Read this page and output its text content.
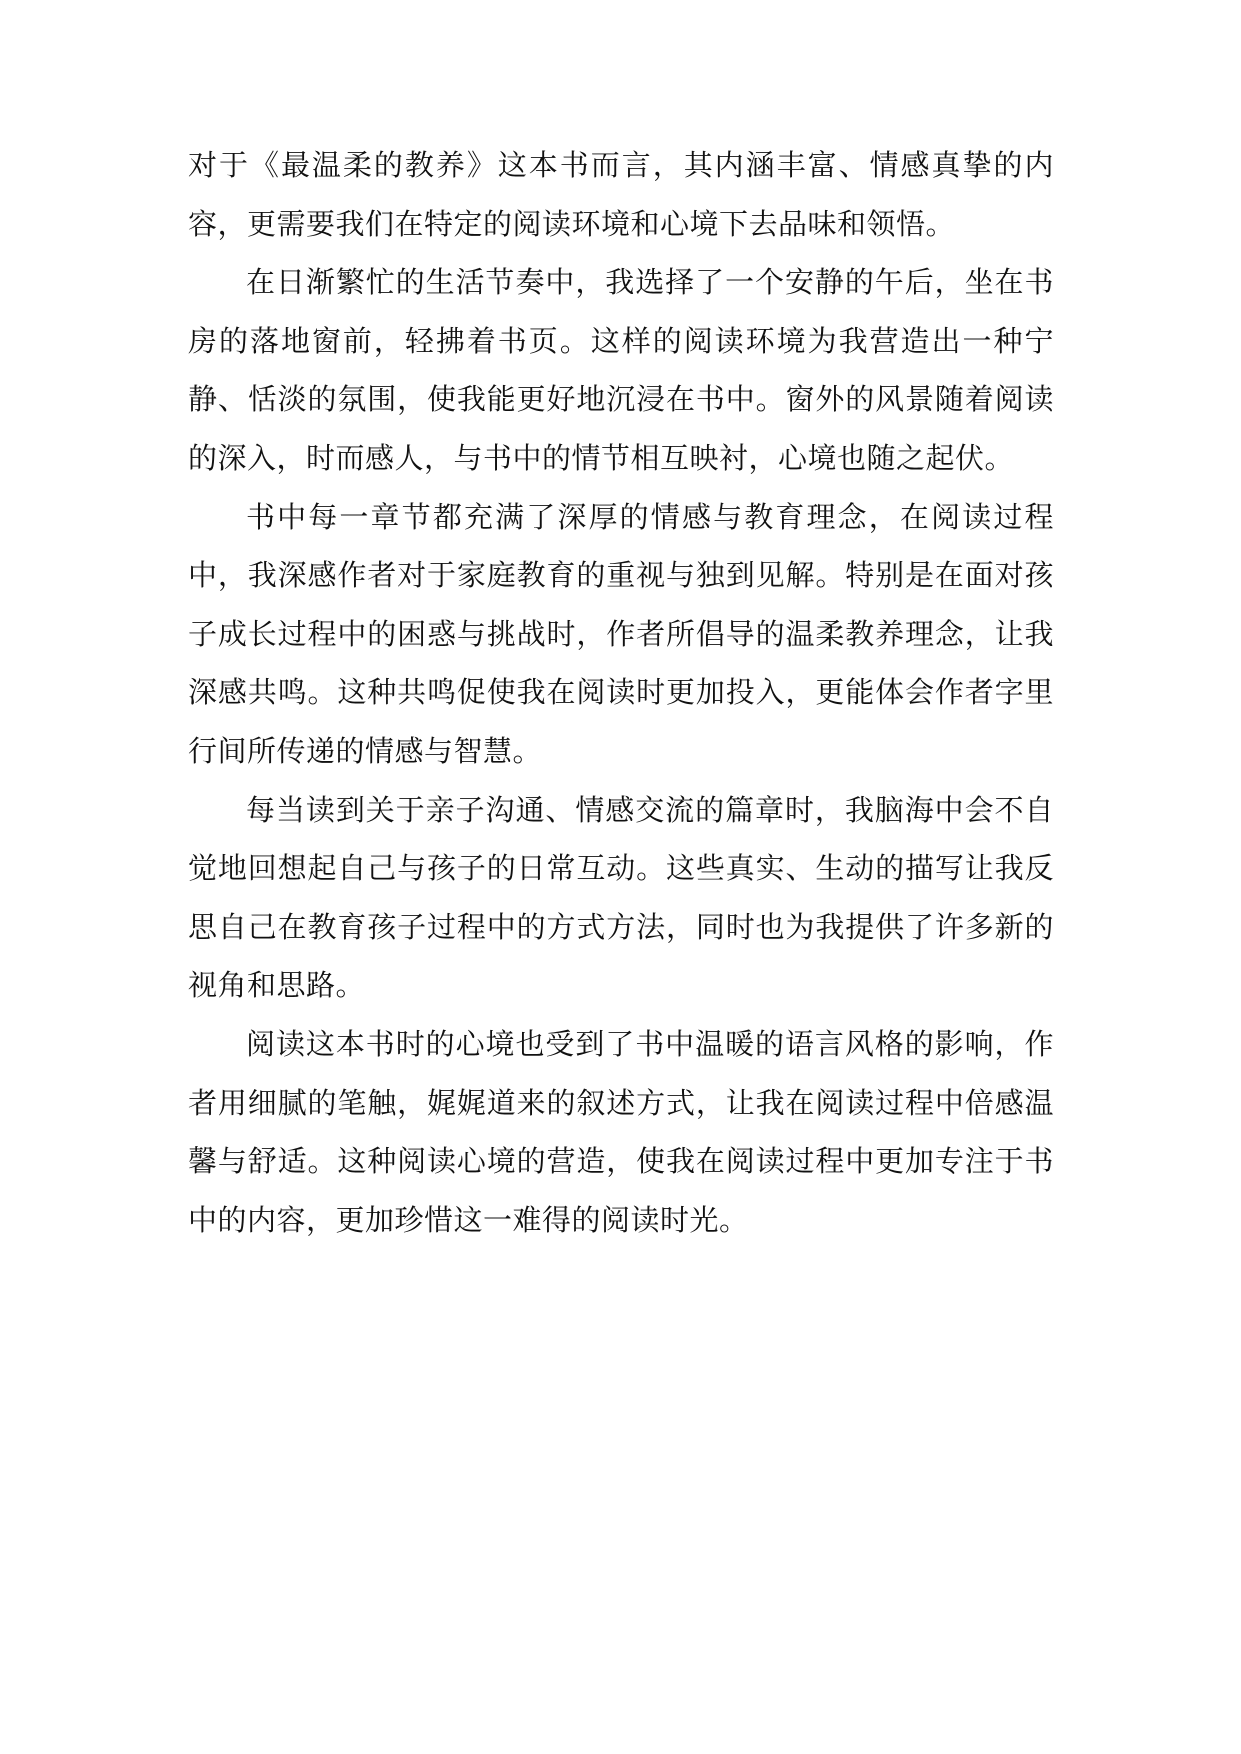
对于《最温柔的教养》这本书而言，其内涵丰富、情感真挚的内容，更需要我们在特定的阅读环境和心境下去品味和领悟。

在日渐繁忙的生活节奏中，我选择了一个安静的午后，坐在书房的落地窗前，轻拂着书页。这样的阅读环境为我营造出一种宁静、恬淡的氛围，使我能更好地沉浸在书中。窗外的风景随着阅读的深入，时而感人，与书中的情节相互映衬，心境也随之起伏。

书中每一章节都充满了深厚的情感与教育理念，在阅读过程中，我深感作者对于家庭教育的重视与独到见解。特别是在面对孩子成长过程中的困惑与挑战时，作者所倡导的温柔教养理念，让我深感共鸣。这种共鸣促使我在阅读时更加投入，更能体会作者字里行间所传递的情感与智慧。

每当读到关于亲子沟通、情感交流的篇章时，我脑海中会不自觉地回想起自己与孩子的日常互动。这些真实、生动的描写让我反思自己在教育孩子过程中的方式方法，同时也为我提供了许多新的视角和思路。

阅读这本书时的心境也受到了书中温暖的语言风格的影响，作者用细腻的笔触，娓娓道来的叙述方式，让我在阅读过程中倍感温馨与舒适。这种阅读心境的营造，使我在阅读过程中更加专注于书中的内容，更加珍惜这一难得的阅读时光。
